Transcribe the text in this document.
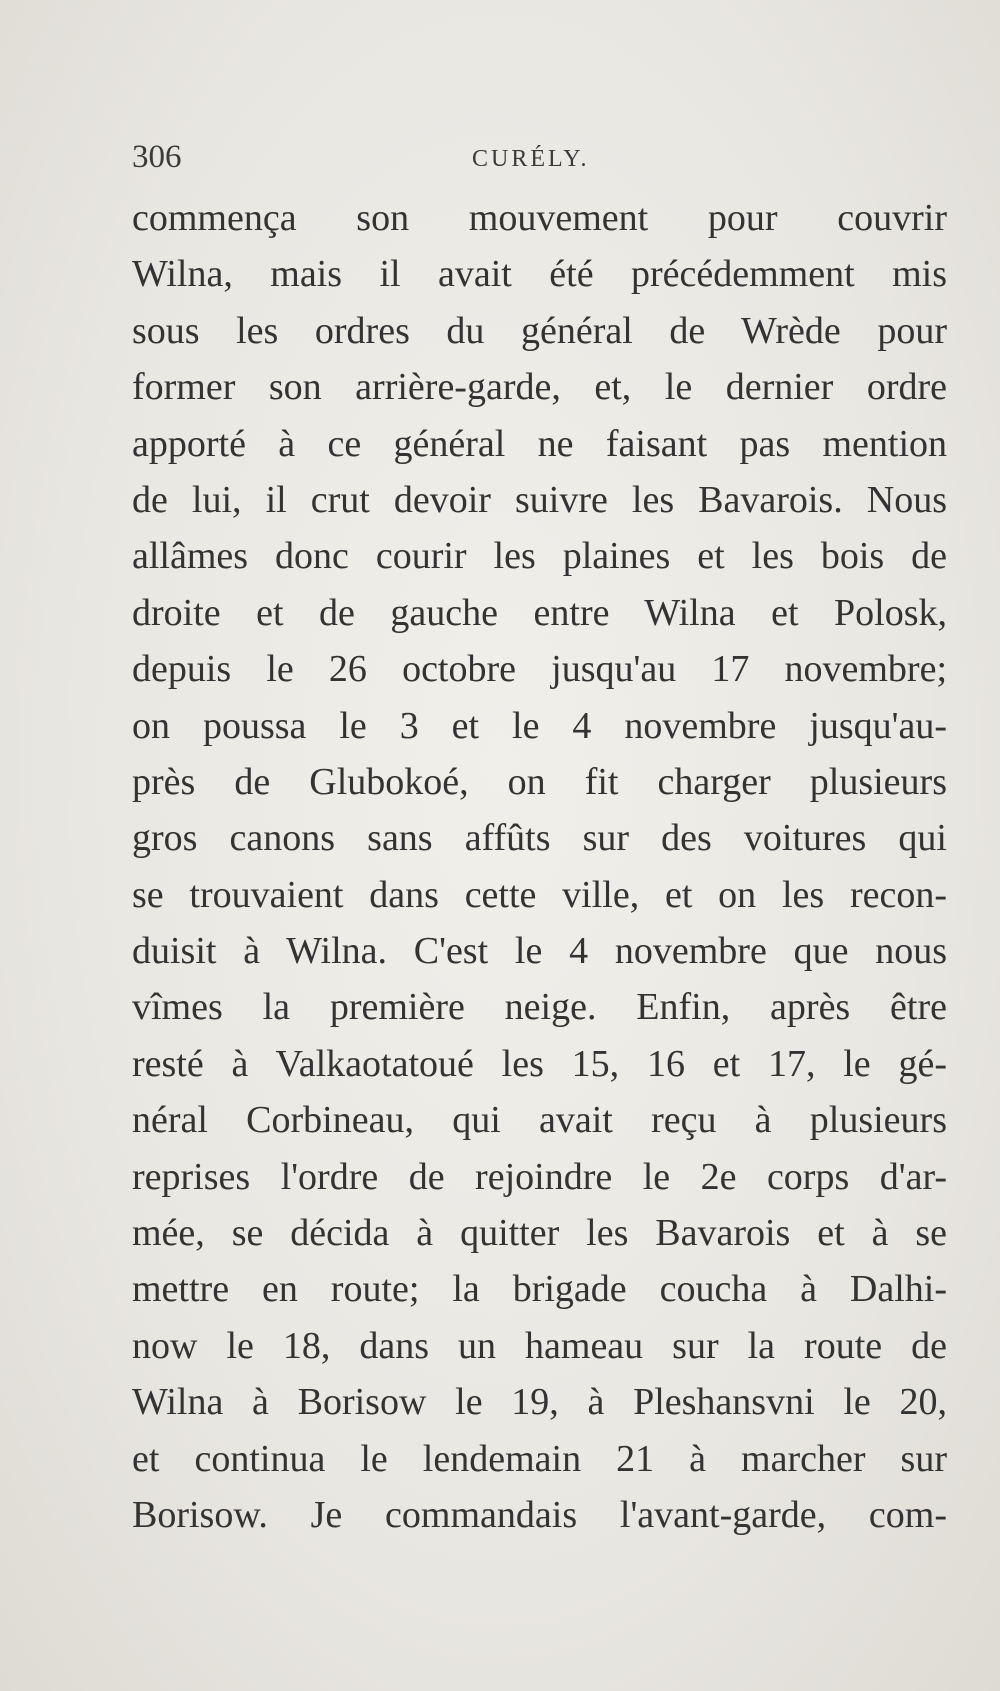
306	CURÉLY.
commença son mouvement pour couvrir
Wilna, mais il avait été précédemment mis
sous les ordres du général de Wrède pour
former son arrière-garde, et, le dernier ordre
apporté à ce général ne faisant pas mention
de lui, il crut devoir suivre les Bavarois. Nous
allâmes donc courir les plaines et les bois de
droite et de gauche entre Wilna et Polosk,
depuis le 26 octobre jusqu'au 17 novembre;
on poussa le 3 et le 4 novembre jusqu'au-
près de Glubokoé, on fit charger plusieurs
gros canons sans affûts sur des voitures qui
se trouvaient dans cette ville, et on les recon-
duisit à Wilna. C'est le 4 novembre que nous
vîmes la première neige. Enfin, après être
resté à Valkaotatoué les 15, 16 et 17, le gé-
néral Corbineau, qui avait reçu à plusieurs
reprises l'ordre de rejoindre le 2e corps d'ar-
mée, se décida à quitter les Bavarois et à se
mettre en route; la brigade coucha à Dalhi-
now le 18, dans un hameau sur la route de
Wilna à Borisow le 19, à Pleshansvni le 20,
et continua le lendemain 21 à marcher sur
Borisow. Je commandais l'avant-garde, com-
